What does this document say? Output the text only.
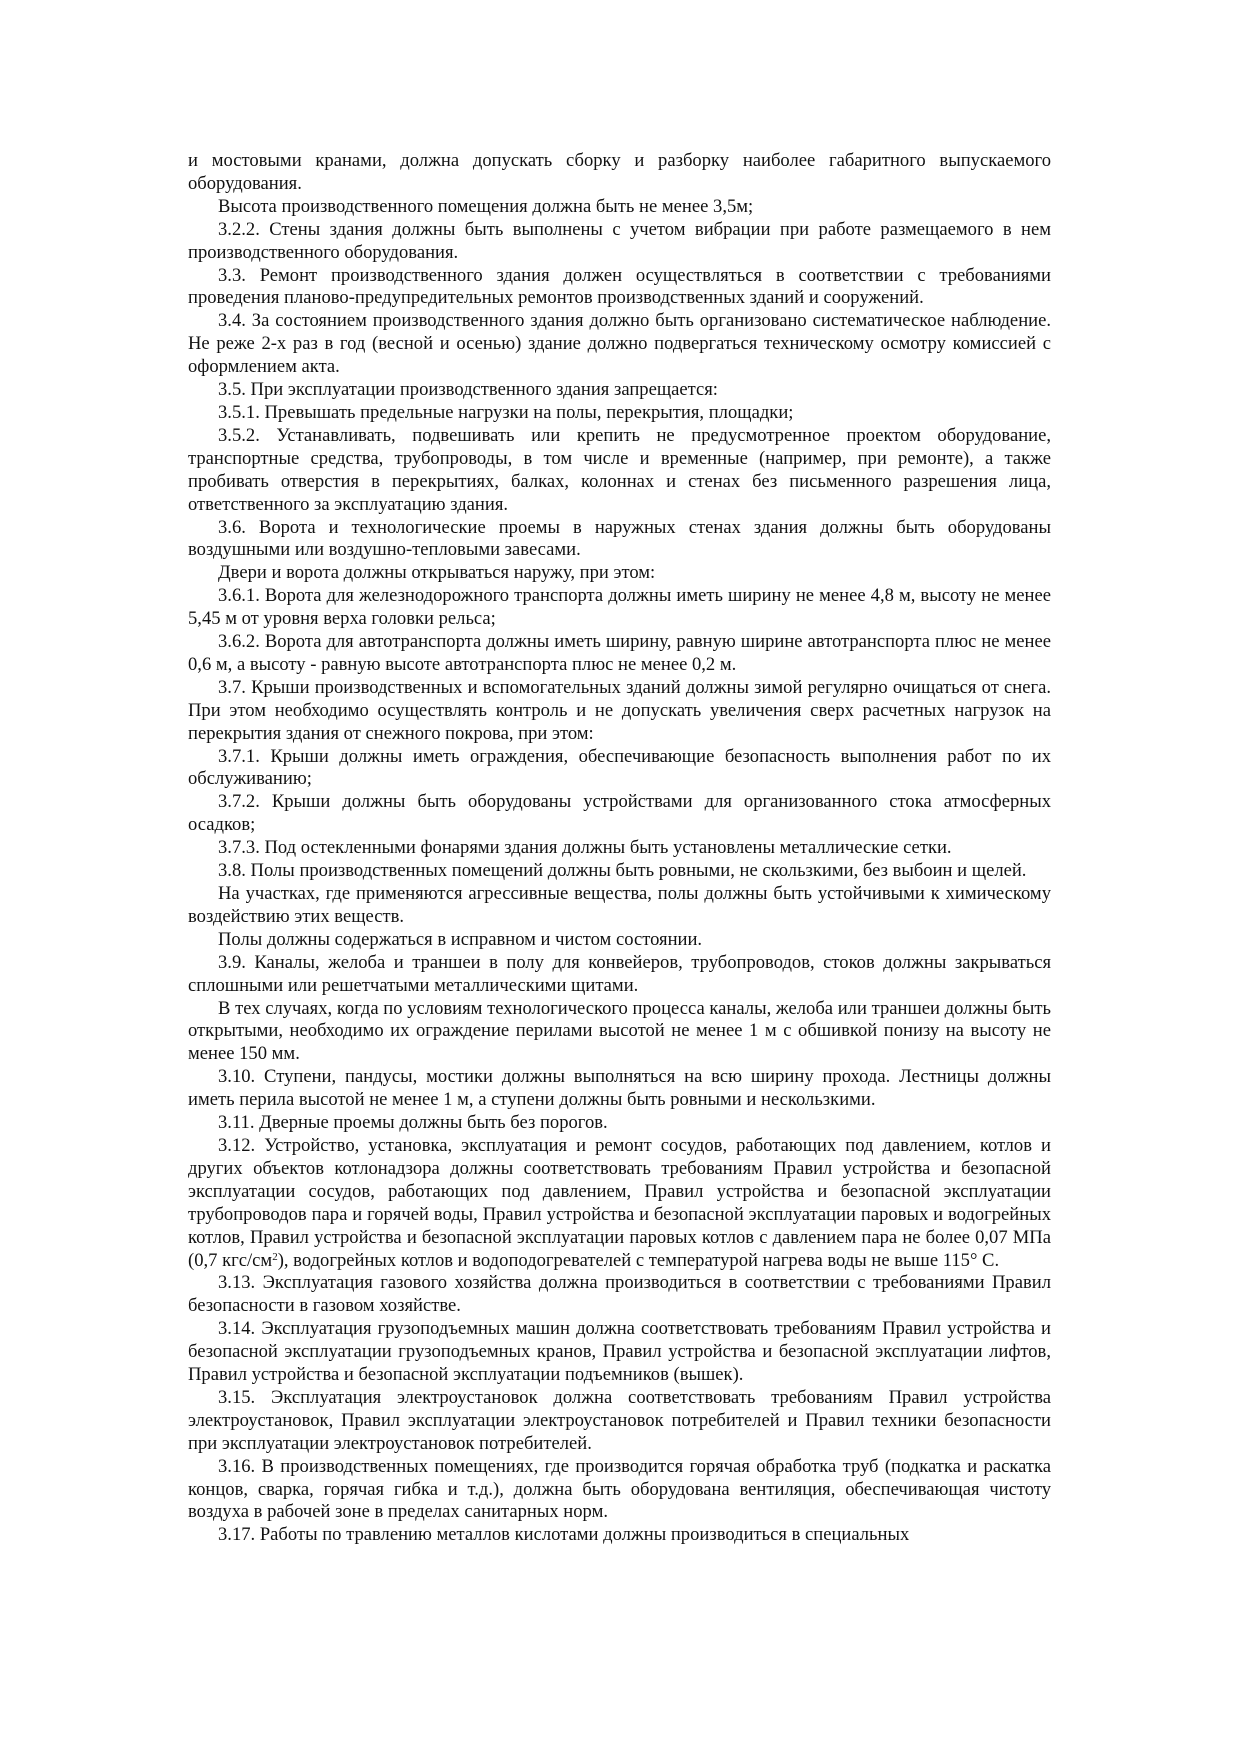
и мостовыми кранами, должна допускать сборку и разборку наиболее габаритного выпускаемого оборудования.

Высота производственного помещения должна быть не менее 3,5м;

3.2.2. Стены здания должны быть выполнены с учетом вибрации при работе размещаемого в нем производственного оборудования.

3.3. Ремонт производственного здания должен осуществляться в соответствии с требованиями проведения планово-предупредительных ремонтов производственных зданий и сооружений.

3.4. За состоянием производственного здания должно быть организовано систематическое наблюдение. Не реже 2-х раз в год (весной и осенью) здание должно подвергаться техническому осмотру комиссией с оформлением акта.

3.5. При эксплуатации производственного здания запрещается:

3.5.1. Превышать предельные нагрузки на полы, перекрытия, площадки;

3.5.2. Устанавливать, подвешивать или крепить не предусмотренное проектом оборудование, транспортные средства, трубопроводы, в том числе и временные (например, при ремонте), а также пробивать отверстия в перекрытиях, балках, колоннах и стенах без письменного разрешения лица, ответственного за эксплуатацию здания.

3.6. Ворота и технологические проемы в наружных стенах здания должны быть оборудованы воздушными или воздушно-тепловыми завесами.

Двери и ворота должны открываться наружу, при этом:

3.6.1. Ворота для железнодорожного транспорта должны иметь ширину не менее 4,8 м, высоту не менее 5,45 м от уровня верха головки рельса;

3.6.2. Ворота для автотранспорта должны иметь ширину, равную ширине автотранспорта плюс не менее 0,6 м, а высоту - равную высоте автотранспорта плюс не менее 0,2 м.

3.7. Крыши производственных и вспомогательных зданий должны зимой регулярно очищаться от снега. При этом необходимо осуществлять контроль и не допускать увеличения сверх расчетных нагрузок на перекрытия здания от снежного покрова, при этом:

3.7.1. Крыши должны иметь ограждения, обеспечивающие безопасность выполнения работ по их обслуживанию;

3.7.2. Крыши должны быть оборудованы устройствами для организованного стока атмосферных осадков;

3.7.3. Под остекленными фонарями здания должны быть установлены металлические сетки.

3.8. Полы производственных помещений должны быть ровными, не скользкими, без выбоин и щелей.

На участках, где применяются агрессивные вещества, полы должны быть устойчивыми к химическому воздействию этих веществ.

Полы должны содержаться в исправном и чистом состоянии.

3.9. Каналы, желоба и траншеи в полу для конвейеров, трубопроводов, стоков должны закрываться сплошными или решетчатыми металлическими щитами.

В тех случаях, когда по условиям технологического процесса каналы, желоба или траншеи должны быть открытыми, необходимо их ограждение перилами высотой не менее 1 м с обшивкой понизу на высоту не менее 150 мм.

3.10. Ступени, пандусы, мостики должны выполняться на всю ширину прохода. Лестницы должны иметь перила высотой не менее 1 м, а ступени должны быть ровными и нескользкими.

3.11. Дверные проемы должны быть без порогов.

3.12. Устройство, установка, эксплуатация и ремонт сосудов, работающих под давлением, котлов и других объектов котлонадзора должны соответствовать требованиям Правил устройства и безопасной эксплуатации сосудов, работающих под давлением, Правил устройства и безопасной эксплуатации трубопроводов пара и горячей воды, Правил устройства и безопасной эксплуатации паровых и водогрейных котлов, Правил устройства и безопасной эксплуатации паровых котлов с давлением пара не более 0,07 МПа (0,7 кгс/$см^2$), водогрейных котлов и водоподогревателей с температурой нагрева воды не выше 115° С.

3.13. Эксплуатация газового хозяйства должна производиться в соответствии с требованиями Правил безопасности в газовом хозяйстве.

3.14. Эксплуатация грузоподъемных машин должна соответствовать требованиям Правил устройства и безопасной эксплуатации грузоподъемных кранов, Правил устройства и безопасной эксплуатации лифтов, Правил устройства и безопасной эксплуатации подъемников (вышек).

3.15. Эксплуатация электроустановок должна соответствовать требованиям Правил устройства электроустановок, Правил эксплуатации электроустановок потребителей и Правил техники безопасности при эксплуатации электроустановок потребителей.

3.16. В производственных помещениях, где производится горячая обработка труб (подкатка и раскатка концов, сварка, горячая гибка и т.д.), должна быть оборудована вентиляция, обеспечивающая чистоту воздуха в рабочей зоне в пределах санитарных норм.

3.17. Работы по травлению металлов кислотами должны производиться в специальных
